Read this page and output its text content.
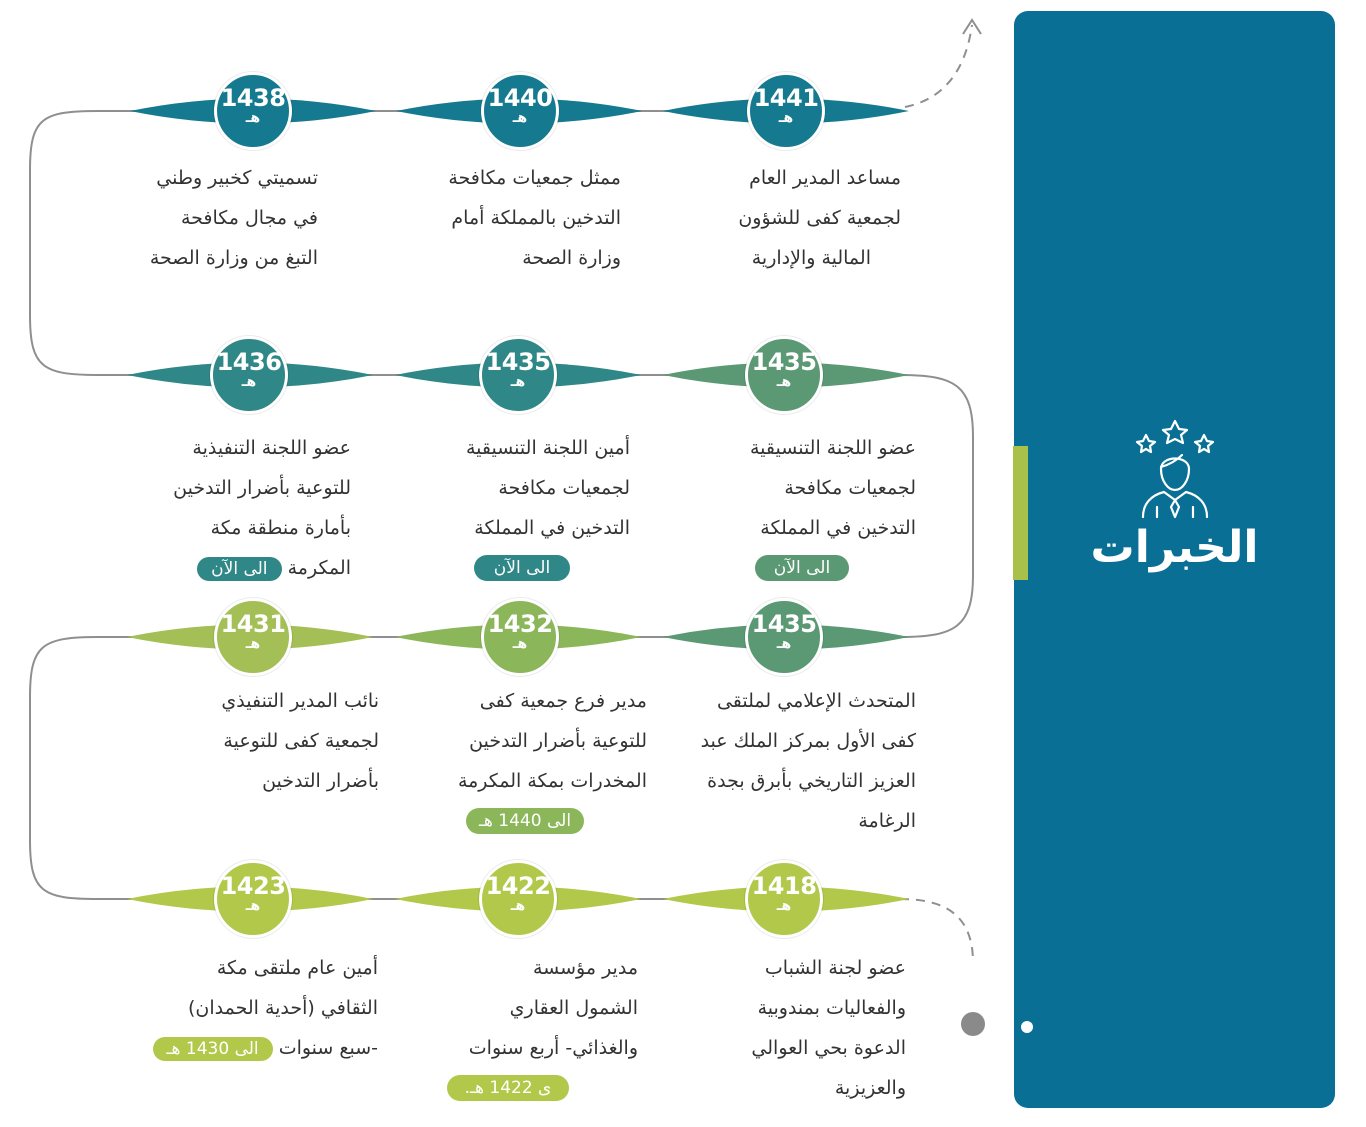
الخبرات
1441
هـ
1440
هـ
1438
هـ
مساعد المدير العام
لجمعية كفى للشؤون
المالية والإدارية
ممثل جمعيات مكافحة
التدخين بالمملكة أمام
وزارة الصحة
تسميتي كخبير وطني
في مجال مكافحة
التبغ من وزارة الصحة
1435
هـ
1435
هـ
1436
هـ
عضو اللجنة التنسيقية
لجمعيات مكافحة
التدخين في المملكة
الى الآن
أمين اللجنة التنسيقية
لجمعيات مكافحة
التدخين في المملكة
الى الآن
عضو اللجنة التنفيذية
للتوعية بأضرار التدخين
بأمارة منطقة مكة
المكرمة الى الآن
1435
هـ
1432
هـ
1431
هـ
المتحدث الإعلامي لملتقى
كفى الأول بمركز الملك عبد
العزيز التاريخي بأبرق بجدة
الرغامة
مدير فرع جمعية كفى
للتوعية بأضرار التدخين
المخدرات بمكة المكرمة
الى 1440 هـ
نائب المدير التنفيذي
لجمعية كفى للتوعية
بأضرار التدخين
1418
هـ
1422
هـ
1423
هـ
عضو لجنة الشباب
والفعاليات بمندوبية
الدعوة بحي العوالي
والعزيزية
مدير مؤسسة
الشمول العقاري
والغذائي- أربع سنوات
ى 1422 هـ.
أمين عام ملتقى مكة
الثقافي (أحدية الحمدان)
-سبع سنوات الى 1430 هـ
